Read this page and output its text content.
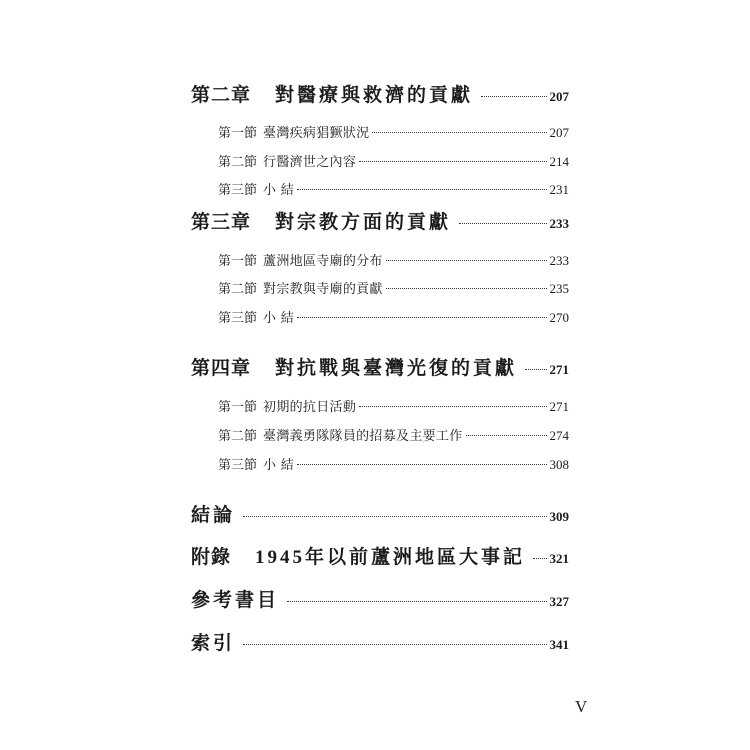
第二章 對醫療與救濟的貢獻	207
第一節 臺灣疾病猖獗狀況	207
第二節 行醫濟世之內容	214
第三節 小 結	231
第三章 對宗教方面的貢獻	233
第一節 蘆洲地區寺廟的分布	233
第二節 對宗教與寺廟的貢獻	235
第三節 小 結	270
第四章 對抗戰與臺灣光復的貢獻 271
第一節 初期的抗日活動	271
第二節 臺灣義勇隊隊員的招募及主要工作	274
第三節 小 結	308
結論	309
附錄 1945年以前蘆洲地區大事記 321
參考書目	327
索引	341
V
